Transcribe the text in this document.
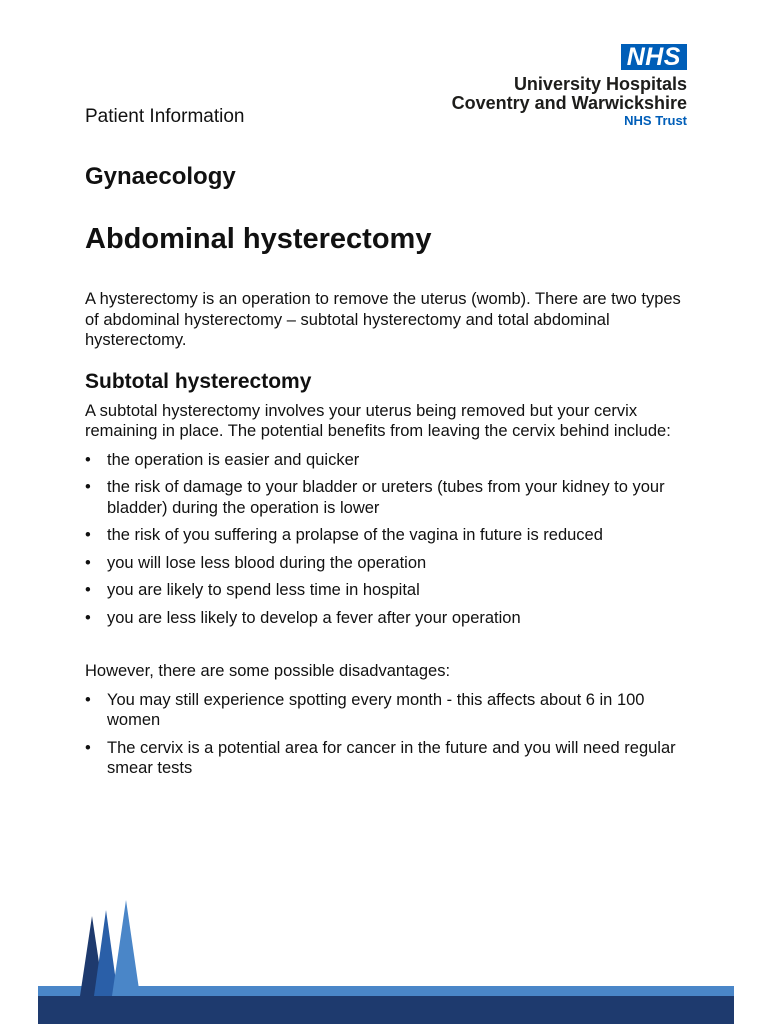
NHS
University Hospitals
Coventry and Warwickshire
NHS Trust

Patient Information

Gynaecology
Abdominal hysterectomy

A hysterectomy is an operation to remove the uterus (womb). There are two types of abdominal hysterectomy – subtotal hysterectomy and total abdominal hysterectomy.

Subtotal hysterectomy

A subtotal hysterectomy involves your uterus being removed but your cervix remaining in place. The potential benefits from leaving the cervix behind include:

• the operation is easier and quicker
• the risk of damage to your bladder or ureters (tubes from your kidney to your bladder) during the operation is lower
• the risk of you suffering a prolapse of the vagina in future is reduced
• you will lose less blood during the operation
• you are likely to spend less time in hospital
• you are less likely to develop a fever after your operation

However, there are some possible disadvantages:

• You may still experience spotting every month - this affects about 6 in 100 women
• The cervix is a potential area for cancer in the future and you will need regular smear tests
